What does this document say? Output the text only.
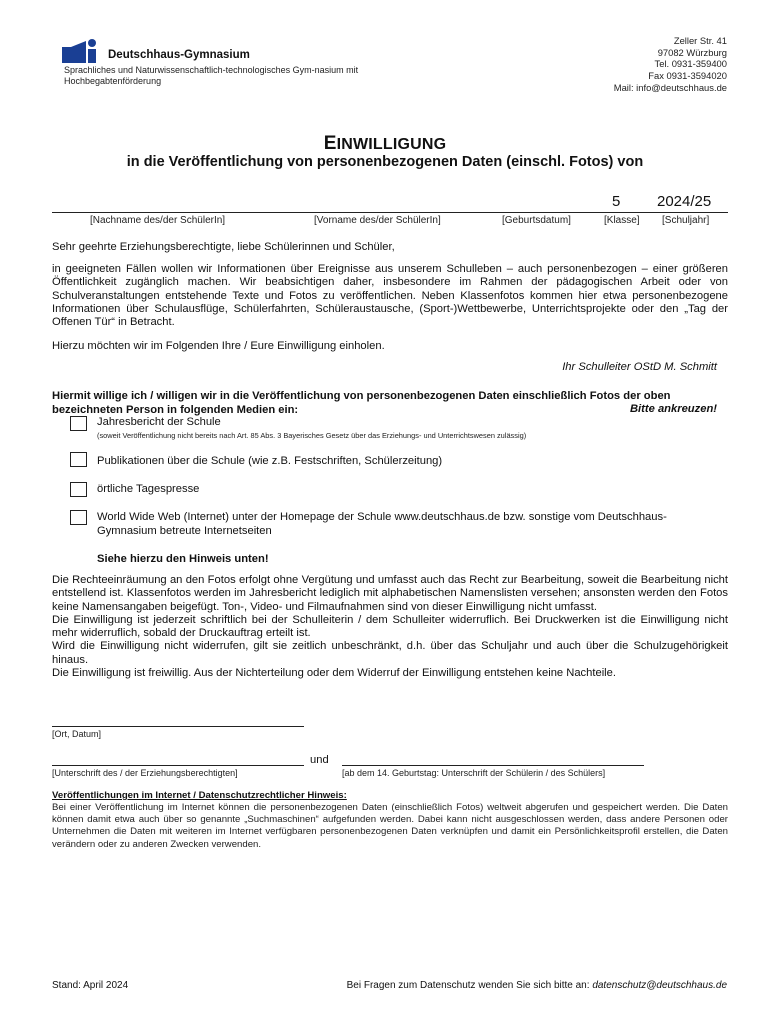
Deutschhaus-Gymnasium
Sprachliches und Naturwissenschaftlich-technologisches Gym-nasium mit Hochbegabtenförderung
Zeller Str. 41
97082 Würzburg
Tel. 0931-359400
Fax 0931-3594020
Mail: info@deutschhaus.de
EINWILLIGUNG
in die Veröffentlichung von personenbezogenen Daten (einschl. Fotos) von
5 2024/25
[Nachname des/der SchülerIn]	[Vorname des/der SchülerIn]	[Geburtsdatum]	[Klasse] [Schuljahr]
Sehr geehrte Erziehungsberechtigte, liebe Schülerinnen und Schüler,
in geeigneten Fällen wollen wir Informationen über Ereignisse aus unserem Schulleben – auch personenbezogen – einer größeren Öffentlichkeit zugänglich machen. Wir beabsichtigen daher, insbesondere im Rahmen der pädagogischen Arbeit oder von Schulveranstaltungen entstehende Texte und Fotos zu veröffentlichen. Neben Klassenfotos kommen hier etwa personenbezogene Informationen über Schulausflüge, Schülerfahrten, Schüleraustausche, (Sport-)Wettbewerbe, Unterrichtsprojekte oder den „Tag der Offenen Tür“ in Betracht.
Hierzu möchten wir im Folgenden Ihre / Eure Einwilligung einholen.
Ihr Schulleiter OStD M. Schmitt
Hiermit willige ich / willigen wir in die Veröffentlichung von personenbezogenen Daten einschließlich Fotos der oben bezeichneten Person in folgenden Medien ein:	Bitte ankreuzen!
Jahresbericht der Schule
(soweit Veröffentlichung nicht bereits nach Art. 85 Abs. 3 Bayerisches Gesetz über das Erziehungs- und Unterrichtswesen zulässig)
Publikationen über die Schule (wie z.B. Festschriften, Schülerzeitung)
örtliche Tagespresse
World Wide Web (Internet) unter der Homepage der Schule www.deutschhaus.de bzw. sonstige vom Deutschhaus-Gymnasium betreute Internetseiten
Siehe hierzu den Hinweis unten!
Die Rechteeinräumung an den Fotos erfolgt ohne Vergütung und umfasst auch das Recht zur Bearbeitung, soweit die Bearbeitung nicht entstellend ist. Klassenfotos werden im Jahresbericht lediglich mit alphabetischen Namenslisten versehen; ansonsten werden den Fotos keine Namensangaben beigefügt. Ton-, Video- und Filmaufnahmen sind von dieser Einwilligung nicht umfasst.
Die Einwilligung ist jederzeit schriftlich bei der Schulleiterin / dem Schulleiter widerruflich. Bei Druckwerken ist die Einwilligung nicht mehr widerruflich, sobald der Druckauftrag erteilt ist.
Wird die Einwilligung nicht widerrufen, gilt sie zeitlich unbeschränkt, d.h. über das Schuljahr und auch über die Schulzugehörigkeit hinaus.
Die Einwilligung ist freiwillig. Aus der Nichterteilung oder dem Widerruf der Einwilligung entstehen keine Nachteile.
[Ort, Datum]
und
[Unterschrift des / der Erziehungsberechtigten]	[ab dem 14. Geburtstag: Unterschrift der Schülerin / des Schülers]
Veröffentlichungen im Internet / Datenschutzrechtlicher Hinweis:
Bei einer Veröffentlichung im Internet können die personenbezogenen Daten (einschließlich Fotos) weltweit abgerufen und gespeichert werden. Die Daten können damit etwa auch über so genannte „Suchmaschinen“ aufgefunden werden. Dabei kann nicht ausgeschlossen werden, dass andere Personen oder Unternehmen die Daten mit weiteren im Internet verfügbaren personenbezogenen Daten verknüpfen und damit ein Persönlichkeitsprofil erstellen, die Daten verändern oder zu anderen Zwecken verwenden.
Stand: April 2024	Bei Fragen zum Datenschutz wenden Sie sich bitte an: datenschutz@deutschhaus.de
